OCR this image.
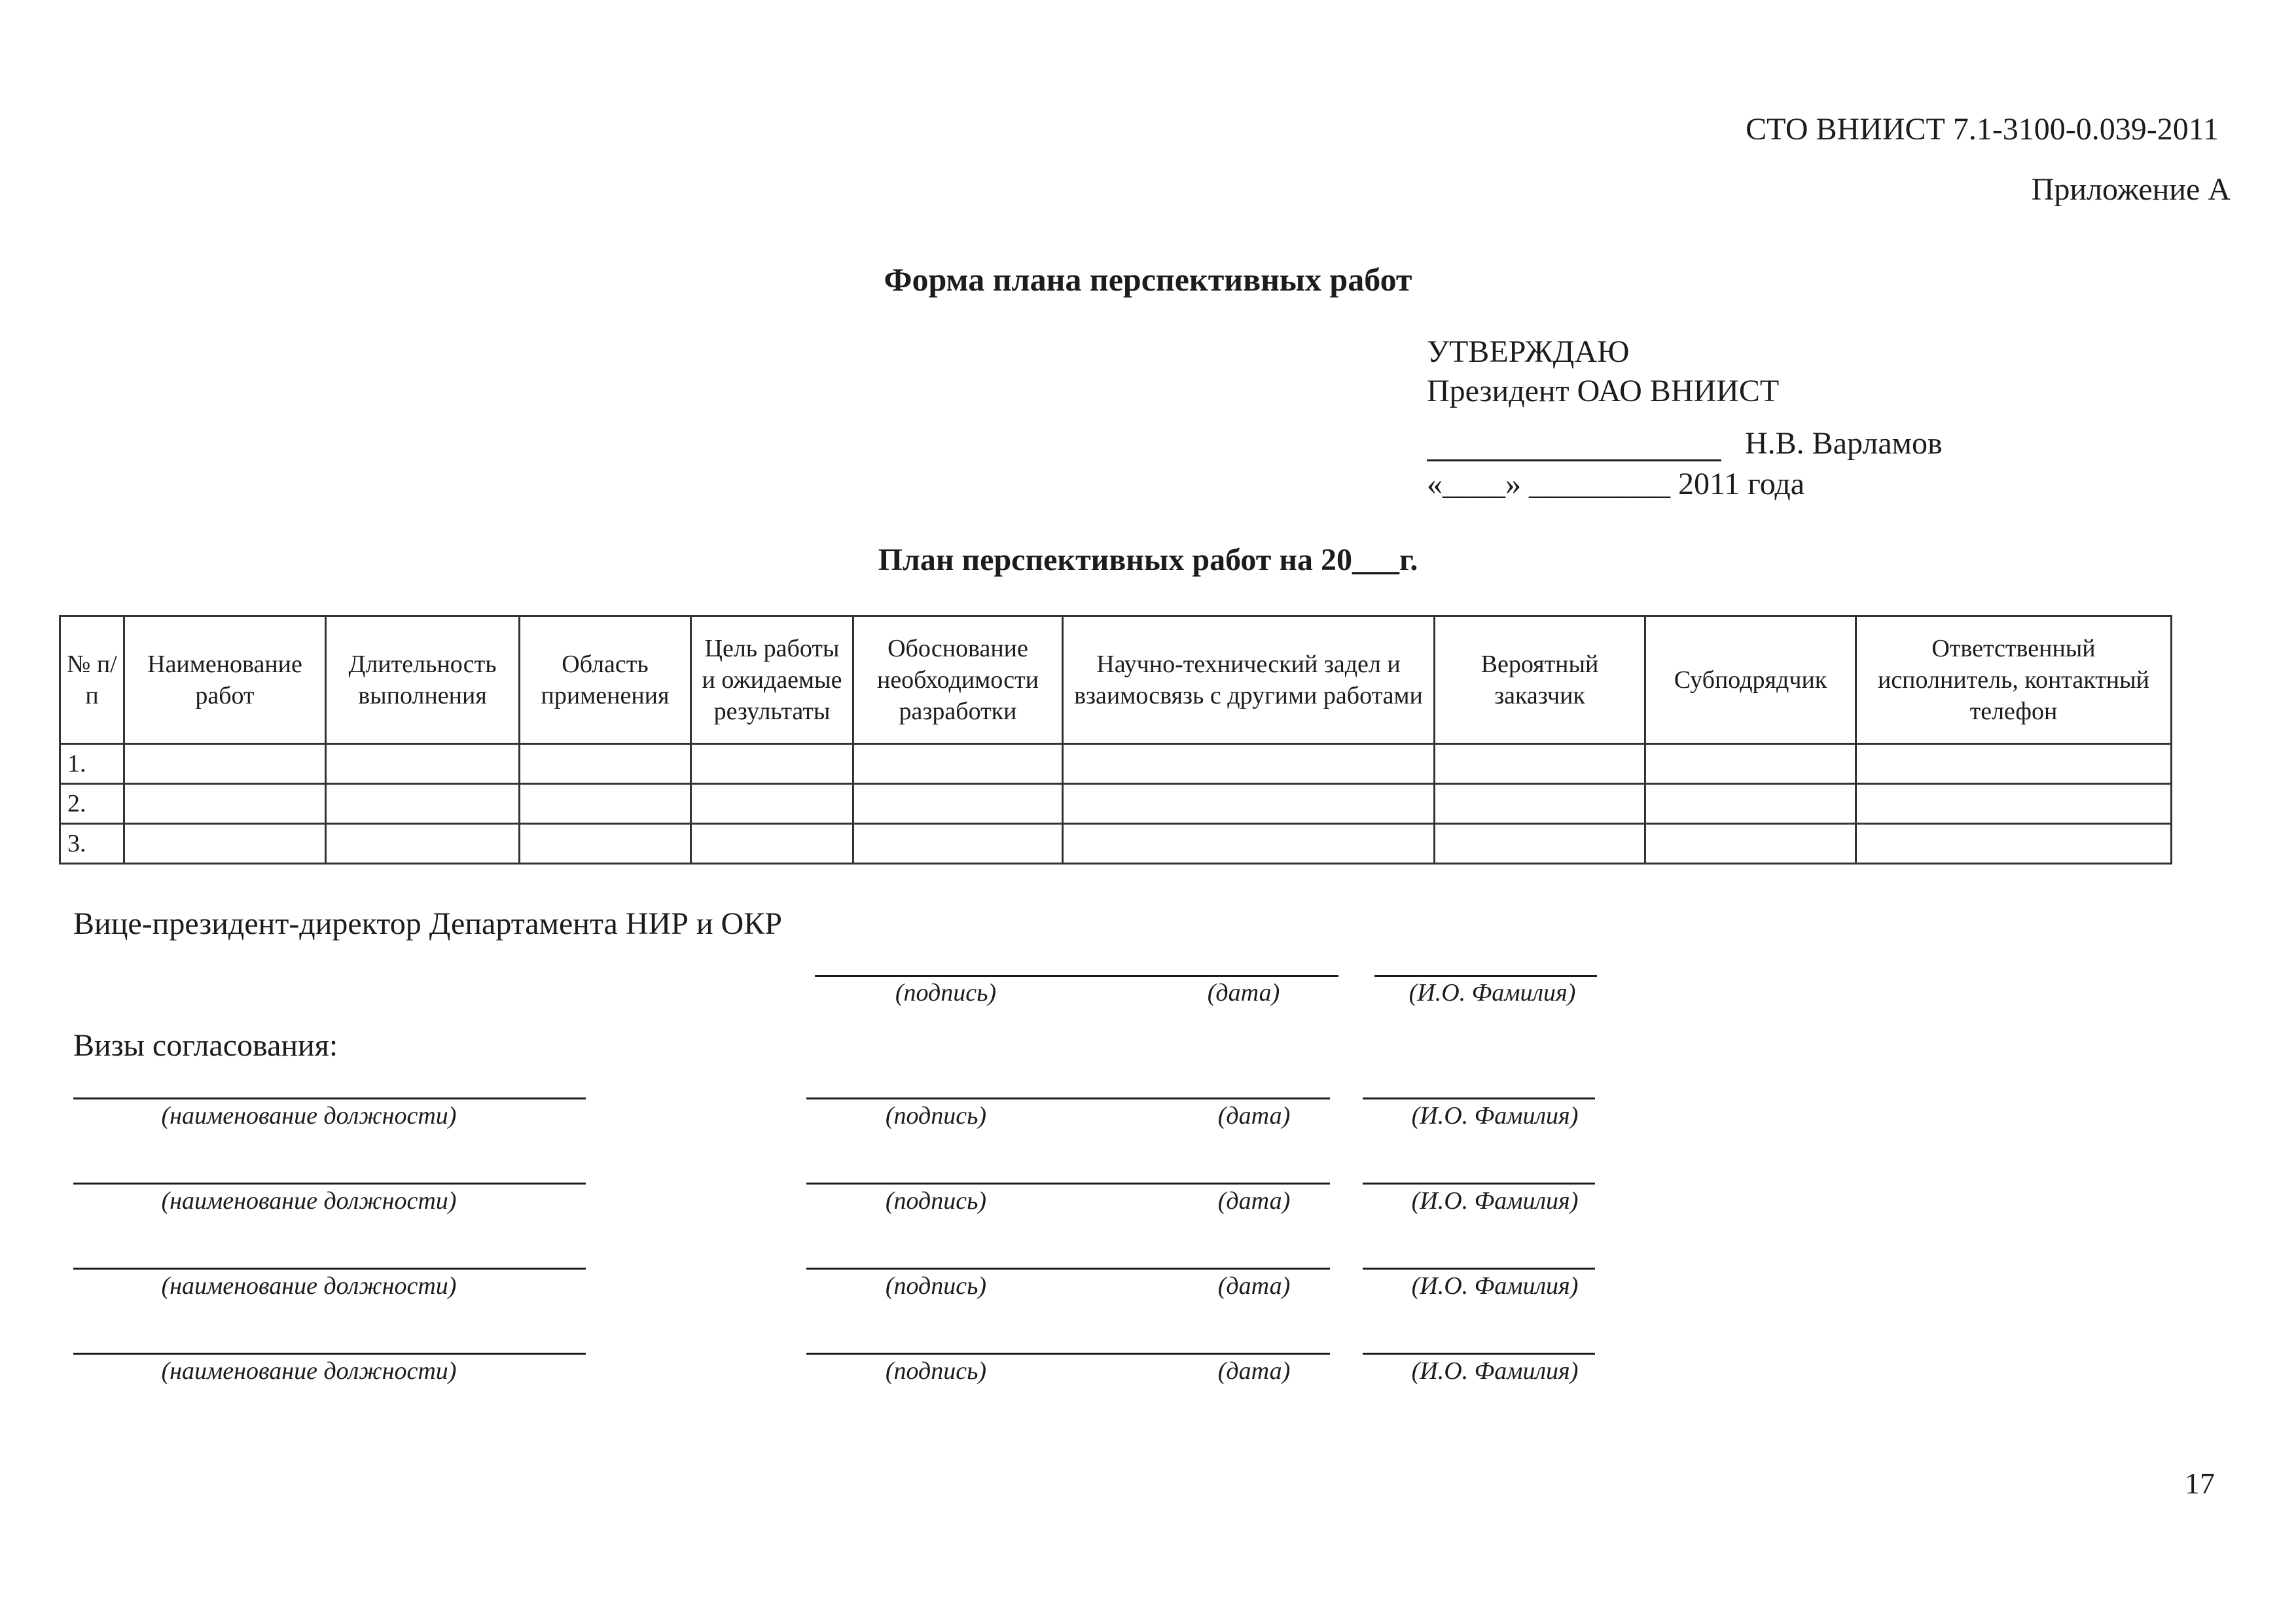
СТО ВНИИСТ 7.1-3100-0.039-2011
Приложение А
Форма плана перспективных работ
УТВЕРЖДАЮ
Президент ОАО ВНИИСТ
Н.В. Варламов
«____» _________ 2011 года
План перспективных работ на 20___г.
№ п/п	Наименование работ	Длительность выполнения	Область применения	Цель работы и ожидаемые результаты	Обоснование необходимости разработки	Научно-технический задел и взаимосвязь с другими работами	Вероятный заказчик	Субподрядчик	Ответственный исполнитель, контактный телефон
1.									
2.									
3.									
Вице-президент-директор Департамента НИР и ОКР
(подпись)	(дата)	(И.О. Фамилия)
Визы согласования:
(наименование должности)	(подпись)	(дата)	(И.О. Фамилия)
(наименование должности)	(подпись)	(дата)	(И.О. Фамилия)
(наименование должности)	(подпись)	(дата)	(И.О. Фамилия)
(наименование должности)	(подпись)	(дата)	(И.О. Фамилия)
17
